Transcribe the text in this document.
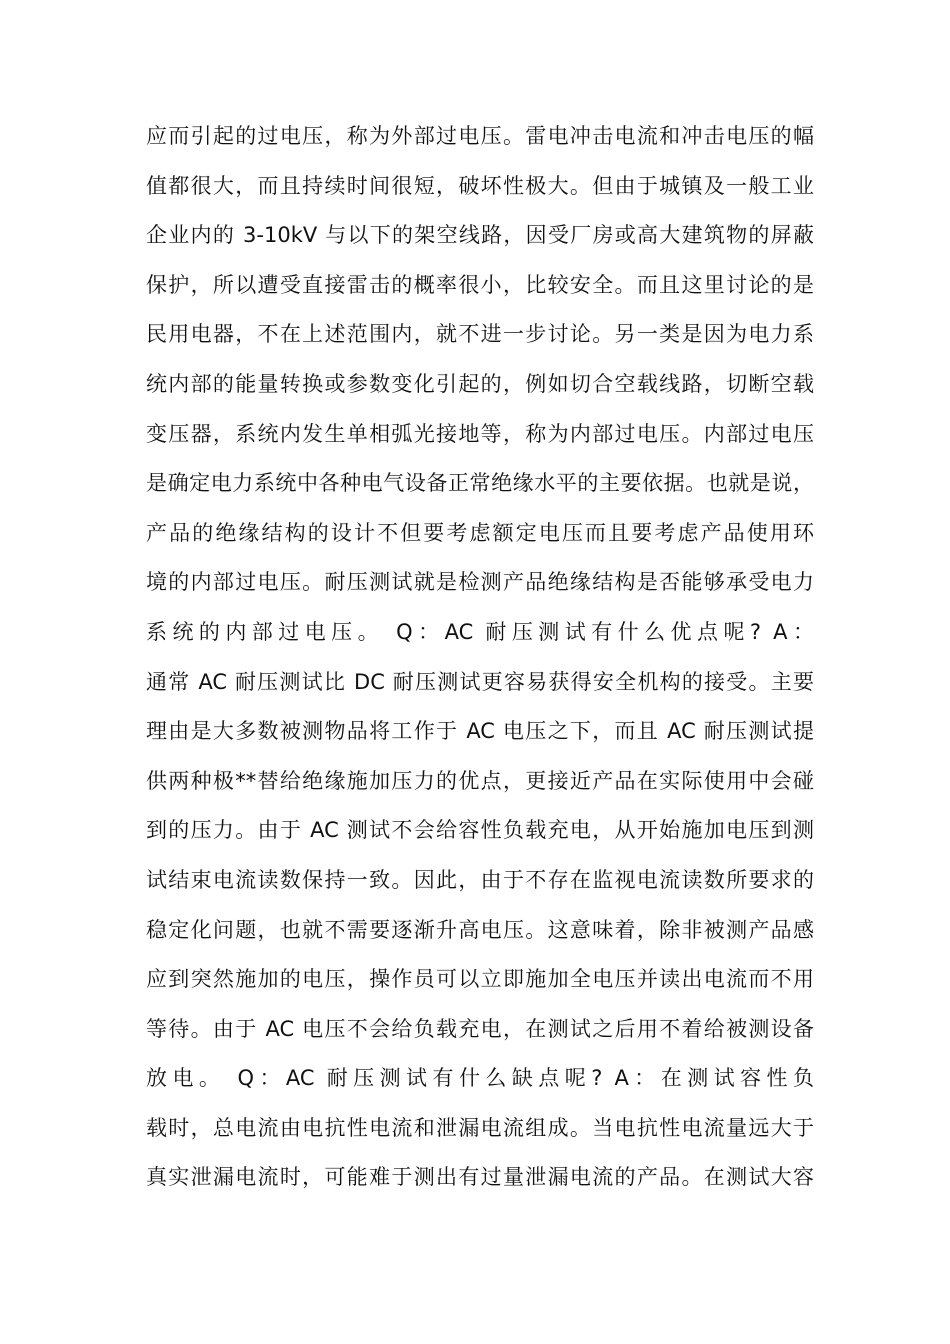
应而引起的过电压，称为外部过电压。雷电冲击电流和冲击电压的幅
值都很大，而且持续时间很短，破坏性极大。但由于城镇及一般工业
企业内的 3-10kV 与以下的架空线路，因受厂房或高大建筑物的屏蔽
保护，所以遭受直接雷击的概率很小，比较安全。而且这里讨论的是
民用电器，不在上述范围内，就不进一步讨论。另一类是因为电力系
统内部的能量转换或参数变化引起的，例如切合空载线路，切断空载
变压器，系统内发生单相弧光接地等，称为内部过电压。内部过电压
是确定电力系统中各种电气设备正常绝缘水平的主要依据。也就是说，
产品的绝缘结构的设计不但要考虑额定电压而且要考虑产品使用环
境的内部过电压。耐压测试就是检测产品绝缘结构是否能够承受电力
系统的内部过电压。 Q：AC 耐压测试有什么优点呢? A：
通常 AC 耐压测试比 DC 耐压测试更容易获得安全机构的接受。主要
理由是大多数被测物品将工作于 AC 电压之下，而且 AC 耐压测试提
供两种极**替给绝缘施加压力的优点，更接近产品在实际使用中会碰
到的压力。由于 AC 测试不会给容性负载充电，从开始施加电压到测
试结束电流读数保持一致。因此，由于不存在监视电流读数所要求的
稳定化问题，也就不需要逐渐升高电压。这意味着，除非被测产品感
应到突然施加的电压，操作员可以立即施加全电压并读出电流而不用
等待。由于 AC 电压不会给负载充电，在测试之后用不着给被测设备
放电。 Q：AC 耐压测试有什么缺点呢? A：在测试容性负
载时，总电流由电抗性电流和泄漏电流组成。当电抗性电流量远大于
真实泄漏电流时，可能难于测出有过量泄漏电流的产品。在测试大容
